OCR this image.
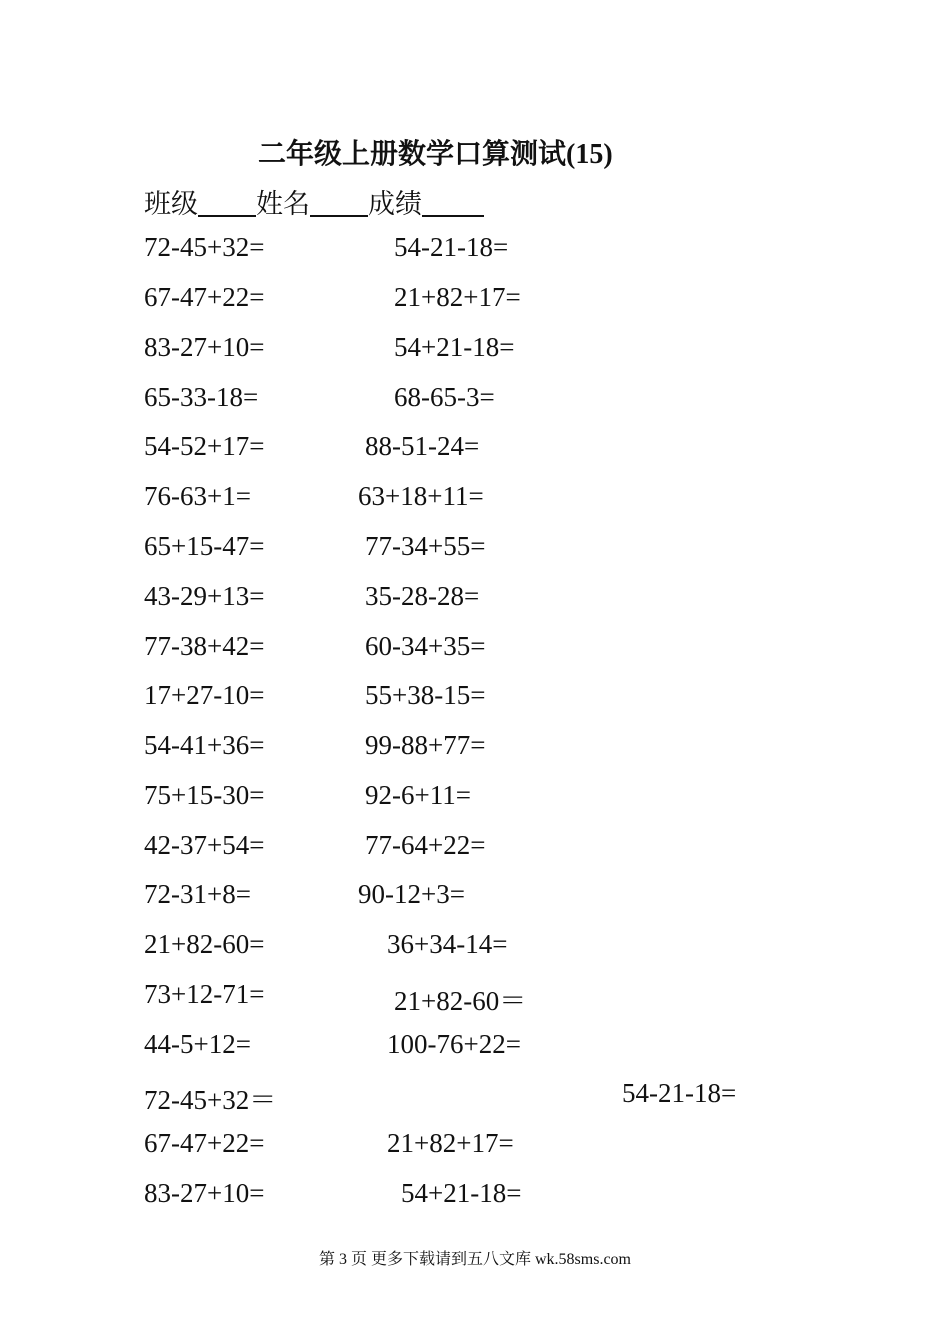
二年级上册数学口算测试(15)
班级 姓名 成绩
72-45+32=	54-21-18=
67-47+22=	21+82+17=
83-27+10=	54+21-18=
65-33-18=	68-65-3=
54-52+17=	88-51-24=
76-63+1=	63+18+11=
65+15-47=	77-34+55=
43-29+13=	35-28-28=
77-38+42=	60-34+35=
17+27-10=	55+38-15=
54-41+36=	99-88+77=
75+15-30=	92-6+11=
42-37+54=	77-64+22=
72-31+8=	90-12+3=
21+82-60=	36+34-14=
73+12-71=	21+82-60＝
44-5+12=	100-76+22=
72-45+32＝	54-21-18=
67-47+22=	21+82+17=
83-27+10=	54+21-18=
第 3 页 更多下载请到五八文库 wk.58sms.com
